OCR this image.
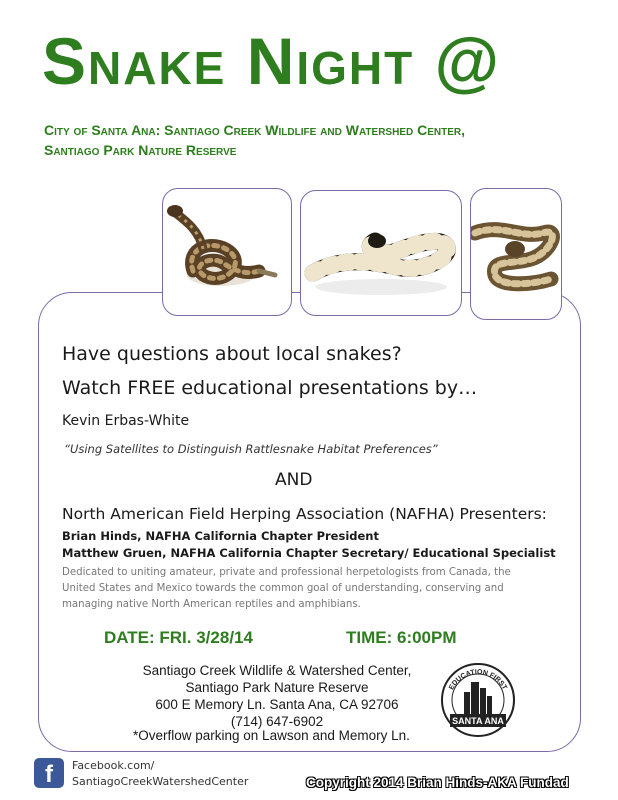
Snake Night @
City of Santa Ana: Santiago Creek Wildlife and Watershed Center,
Santiago Park Nature Reserve
Have questions about local snakes?
Watch FREE educational presentations by…
Kevin Erbas-White
“Using Satellites to Distinguish Rattlesnake Habitat Preferences”
AND
North American Field Herping Association (NAFHA) Presenters:
Brian Hinds, NAFHA California Chapter President
Matthew Gruen, NAFHA California Chapter Secretary/ Educational Specialist
Dedicated to uniting amateur, private and professional herpetologists from Canada, the United States and Mexico towards the common goal of understanding, conserving and managing native North American reptiles and amphibians.
DATE: FRI. 3/28/14	TIME: 6:00PM
Santiago Creek Wildlife & Watershed Center,
Santiago Park Nature Reserve
600 E Memory Ln. Santa Ana, CA 92706
(714) 647-6902
*Overflow parking on Lawson and Memory Ln.
EDUCATION FIRST
SANTA ANA
f	Facebook.com/
SantiagoCreekWatershedCenter	Copyright 2014 Brian Hinds-AKA Fundad
